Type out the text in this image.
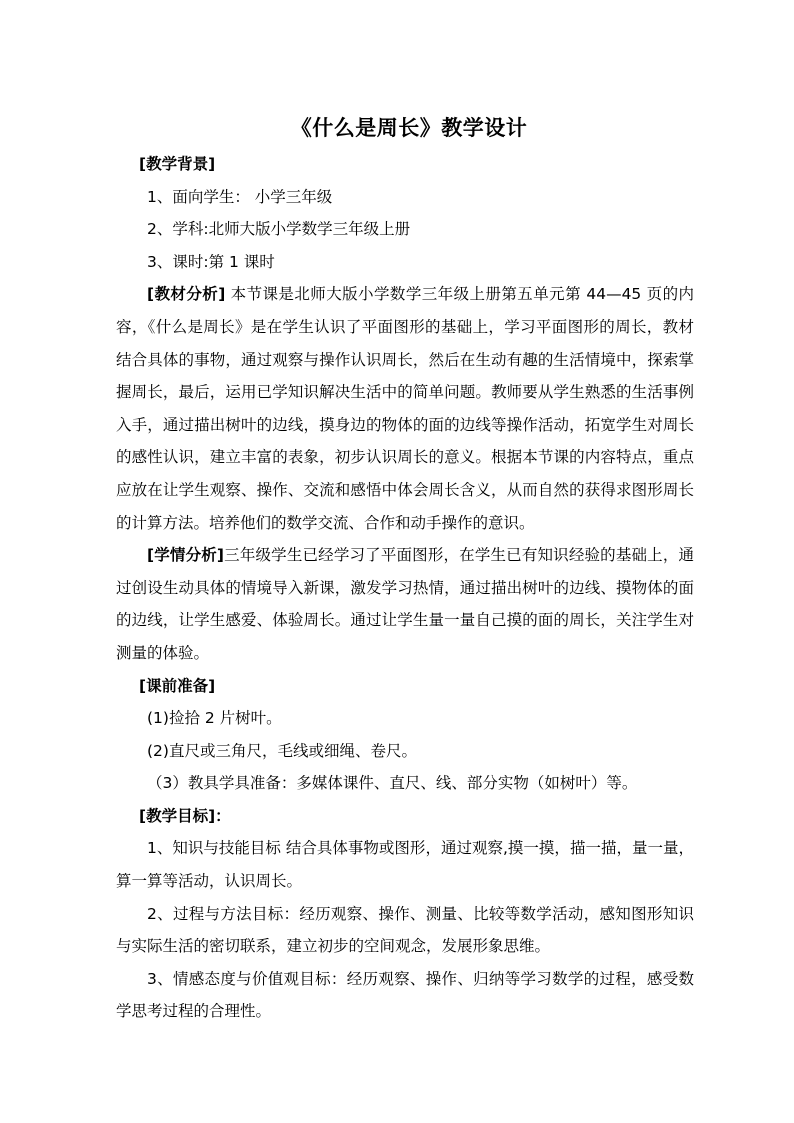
《什么是周长》教学设计

[教学背景]

1、面向学生： 小学三年级

2、学科:北师大版小学数学三年级上册

3、课时:第 1 课时

[教材分析] 本节课是北师大版小学数学三年级上册第五单元第 44—45 页的内容，《什么是周长》是在学生认识了平面图形的基础上，学习平面图形的周长，教材结合具体的事物，通过观察与操作认识周长，然后在生动有趣的生活情境中，探索掌握周长，最后，运用已学知识解决生活中的简单问题。教师要从学生熟悉的生活事例入手，通过描出树叶的边线，摸身边的物体的面的边线等操作活动，拓宽学生对周长的感性认识，建立丰富的表象，初步认识周长的意义。根据本节课的内容特点，重点应放在让学生观察、操作、交流和感悟中体会周长含义，从而自然的获得求图形周长的计算方法。培养他们的数学交流、合作和动手操作的意识。

[学情分析]三年级学生已经学习了平面图形，在学生已有知识经验的基础上，通过创设生动具体的情境导入新课，激发学习热情，通过描出树叶的边线、摸物体的面的边线，让学生感爱、体验周长。通过让学生量一量自己摸的面的周长，关注学生对测量的体验。

[课前准备]

(1)捡拾 2 片树叶。

(2)直尺或三角尺，毛线或细绳、卷尺。

（3）教具学具准备：多媒体课件、直尺、线、部分实物（如树叶）等。

[教学目标]：

1、知识与技能目标 结合具体事物或图形，通过观察,摸一摸，描一描，量一量，算一算等活动，认识周长。

2、过程与方法目标：经历观察、操作、测量、比较等数学活动，感知图形知识与实际生活的密切联系，建立初步的空间观念，发展形象思维。

3、情感态度与价值观目标：经历观察、操作、归纳等学习数学的过程，感受数学思考过程的合理性。
